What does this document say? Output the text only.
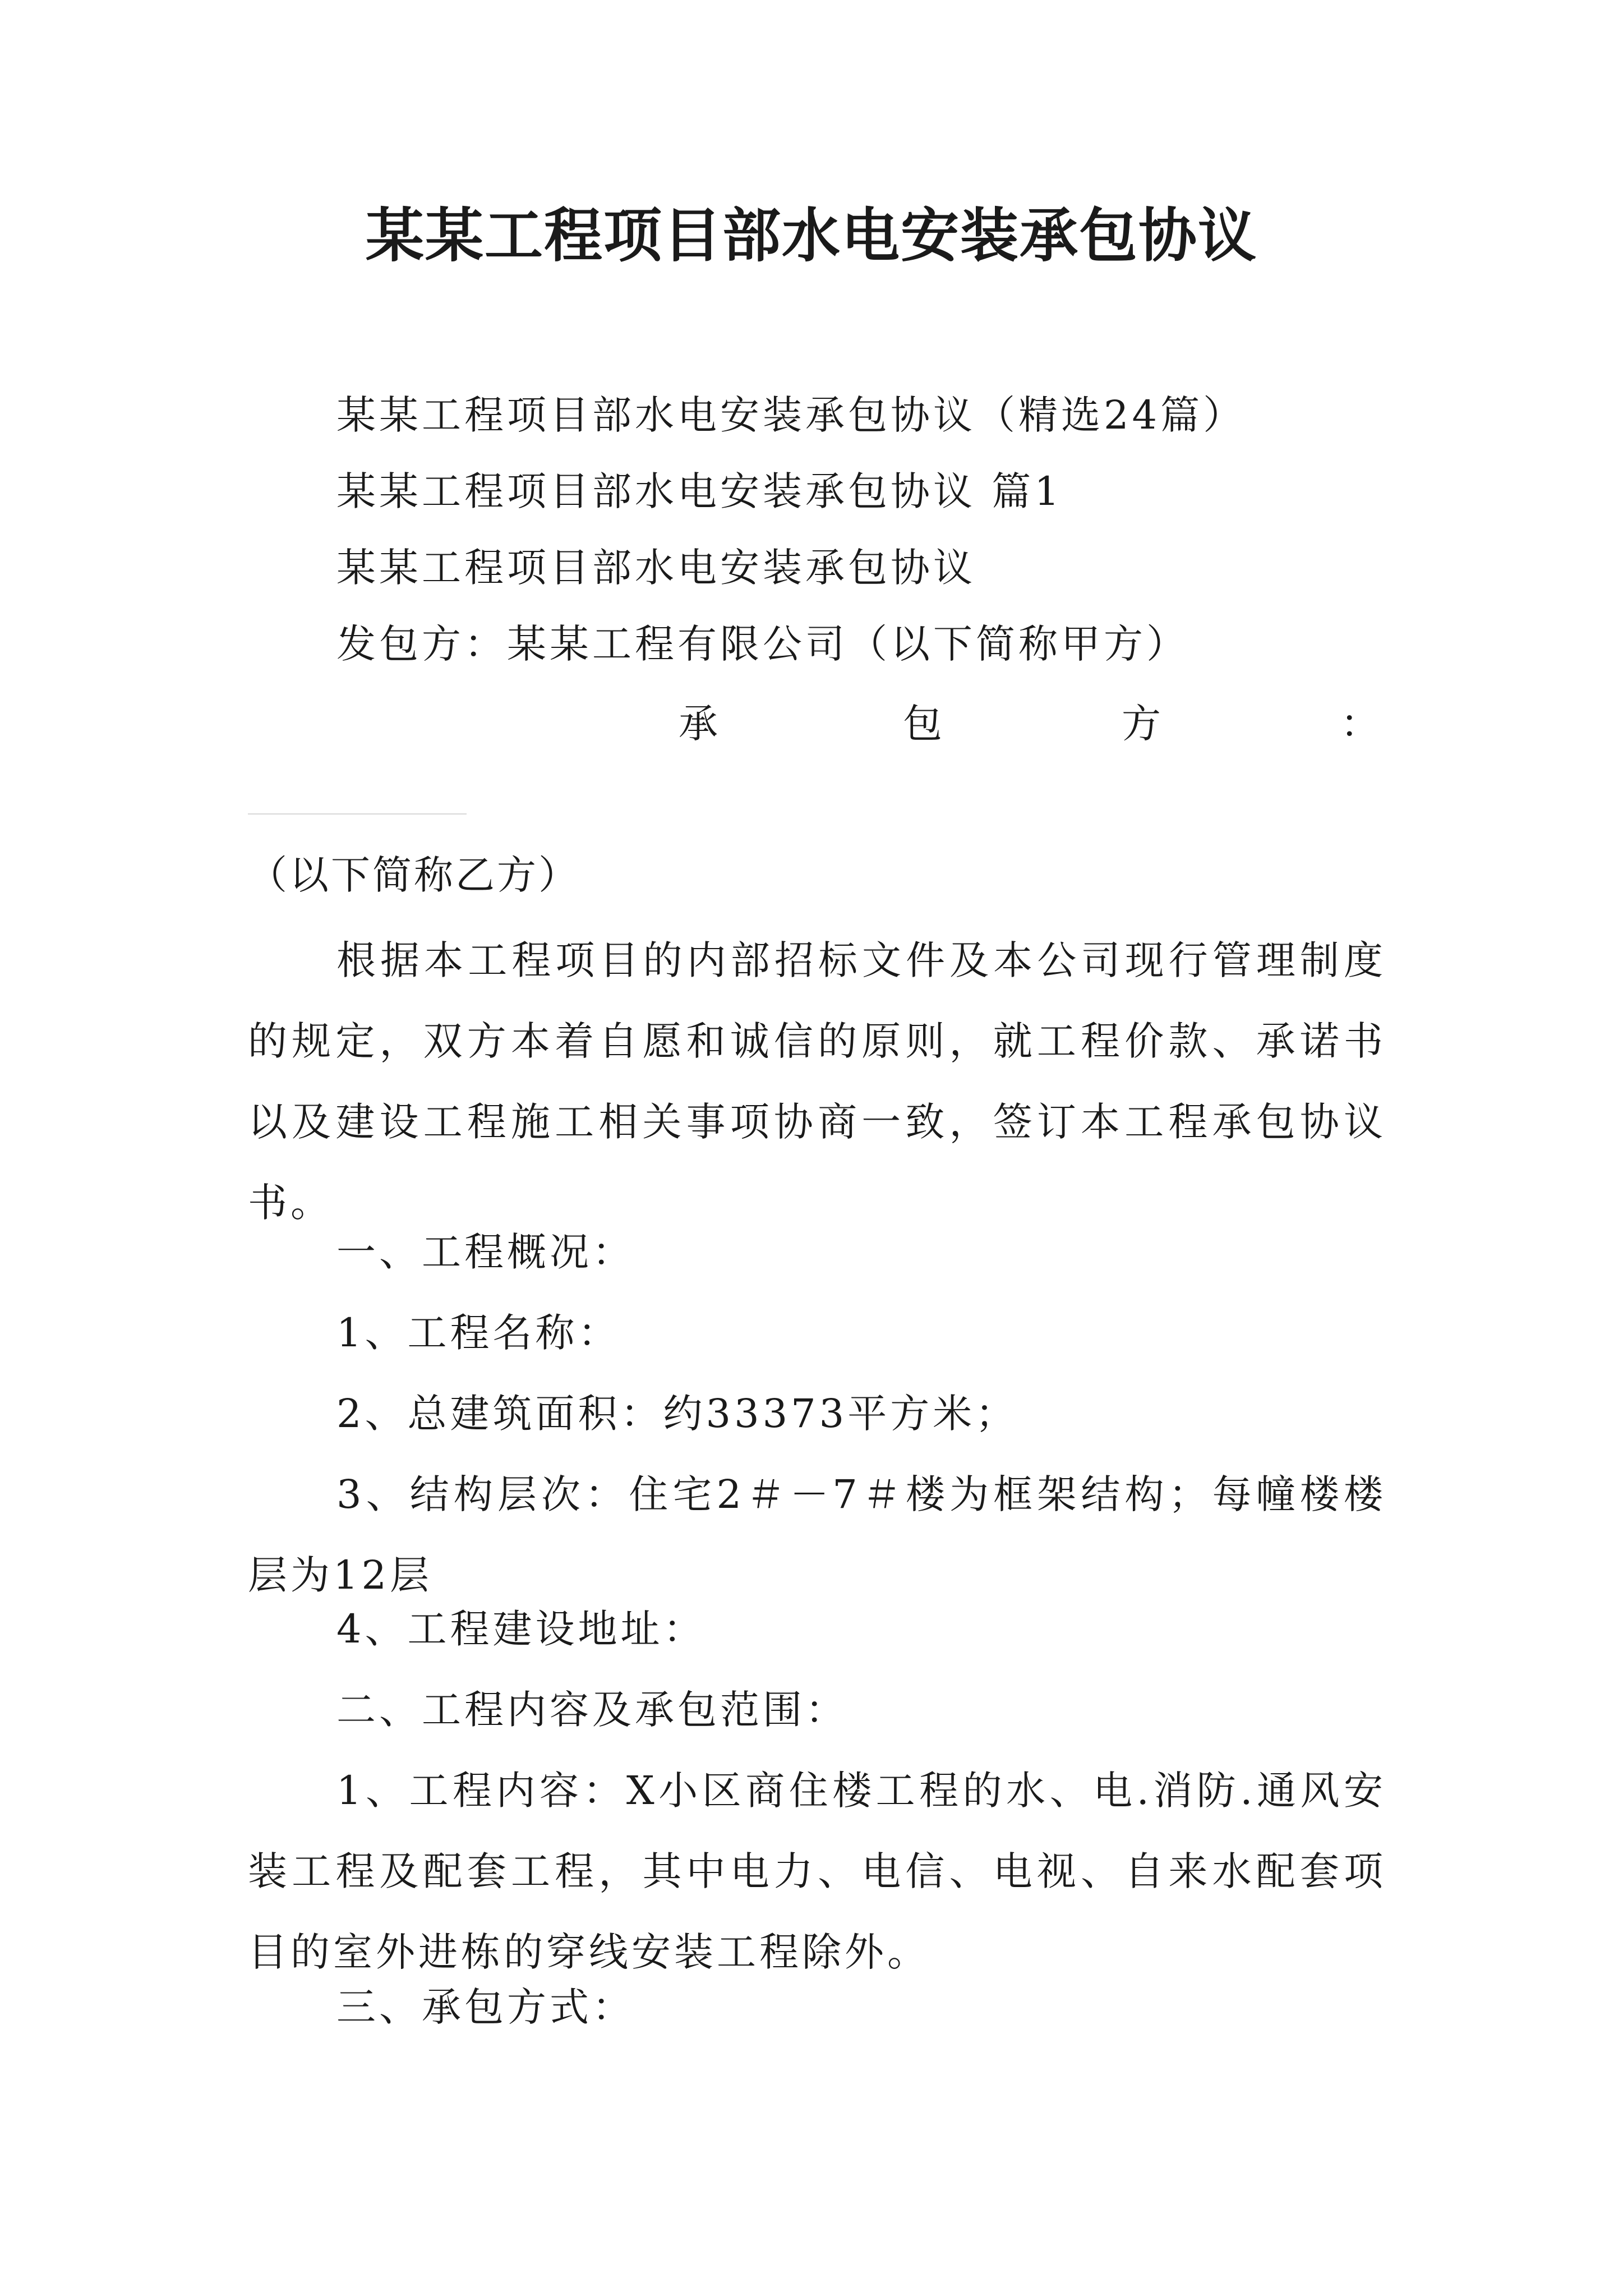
某某工程项目部水电安装承包协议

某某工程项目部水电安装承包协议（精选24篇）

某某工程项目部水电安装承包协议 篇1

某某工程项目部水电安装承包协议

发包方：某某工程有限公司（以下简称甲方）

承	包	方	：

（以下简称乙方）

根据本工程项目的内部招标文件及本公司现行管理制度的规定，双方本着自愿和诚信的原则，就工程价款、承诺书以及建设工程施工相关事项协商一致，签订本工程承包协议书。

一、工程概况：

1、工程名称：

2、总建筑面积：约33373平方米；

3、结构层次：住宅2＃－7＃楼为框架结构；每幢楼楼层为12层

4、工程建设地址：

二、工程内容及承包范围：

1、工程内容：X小区商住楼工程的水、电.消防.通风安装工程及配套工程，其中电力、电信、电视、自来水配套项目的室外进栋的穿线安装工程除外。

三、承包方式：
